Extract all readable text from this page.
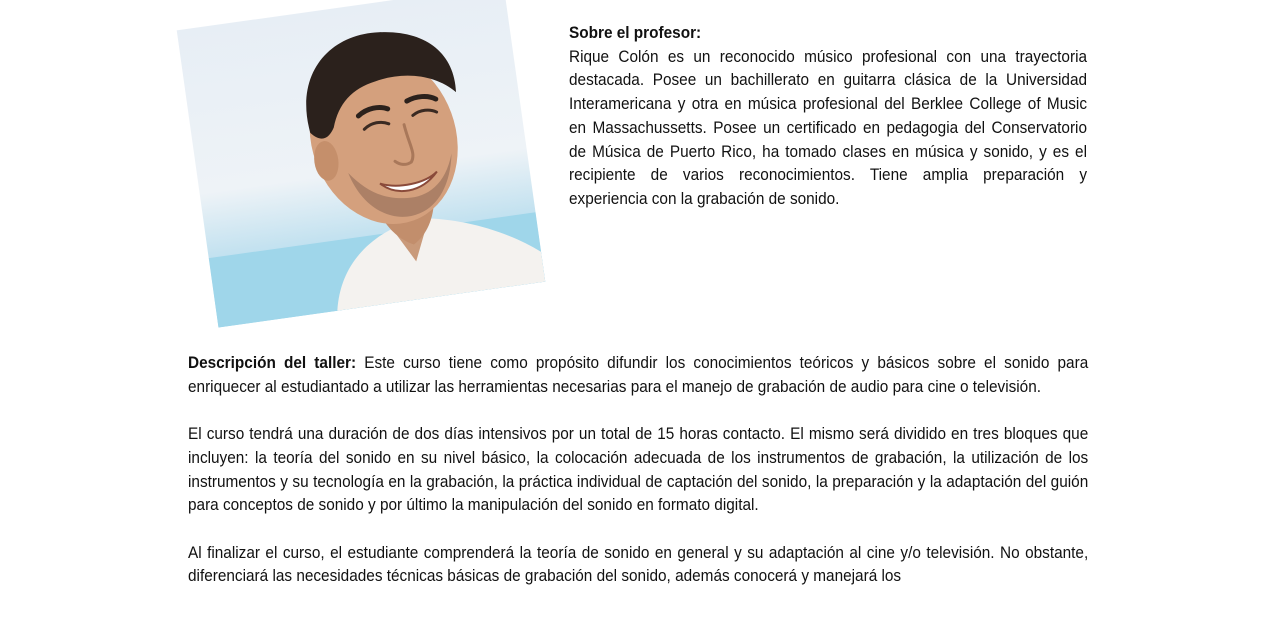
Sobre el profesor:
Rique Colón es un reconocido músico profesional con una trayectoria destacada. Posee un bachillerato en guitarra clásica de la Universidad Interamericana y otra en música profesional del Berklee College of Music en Massachussetts. Posee un certificado en pedagogia del Conservatorio de Música de Puerto Rico, ha tomado clases en música y sonido, y es el recipiente de varios reconocimientos. Tiene amplia preparación y experiencia con la grabación de sonido.

Descripción del taller: Este curso tiene como propósito difundir los conocimientos teóricos y básicos sobre el sonido para enriquecer al estudiantado a utilizar las herramientas necesarias para el manejo de grabación de audio para cine o televisión.

El curso tendrá una duración de dos días intensivos por un total de 15 horas contacto. El mismo será dividido en tres bloques que incluyen: la teoría del sonido en su nivel básico, la colocación adecuada de los instrumentos de grabación, la utilización de los instrumentos y su tecnología en la grabación, la práctica individual de captación del sonido, la preparación y la adaptación del guión para conceptos de sonido y por último la manipulación del sonido en formato digital.

Al finalizar el curso, el estudiante comprenderá la teoría de sonido en general y su adaptación al cine y/o televisión. No obstante, diferenciará las necesidades técnicas básicas de grabación del sonido, además conocerá y manejará los
